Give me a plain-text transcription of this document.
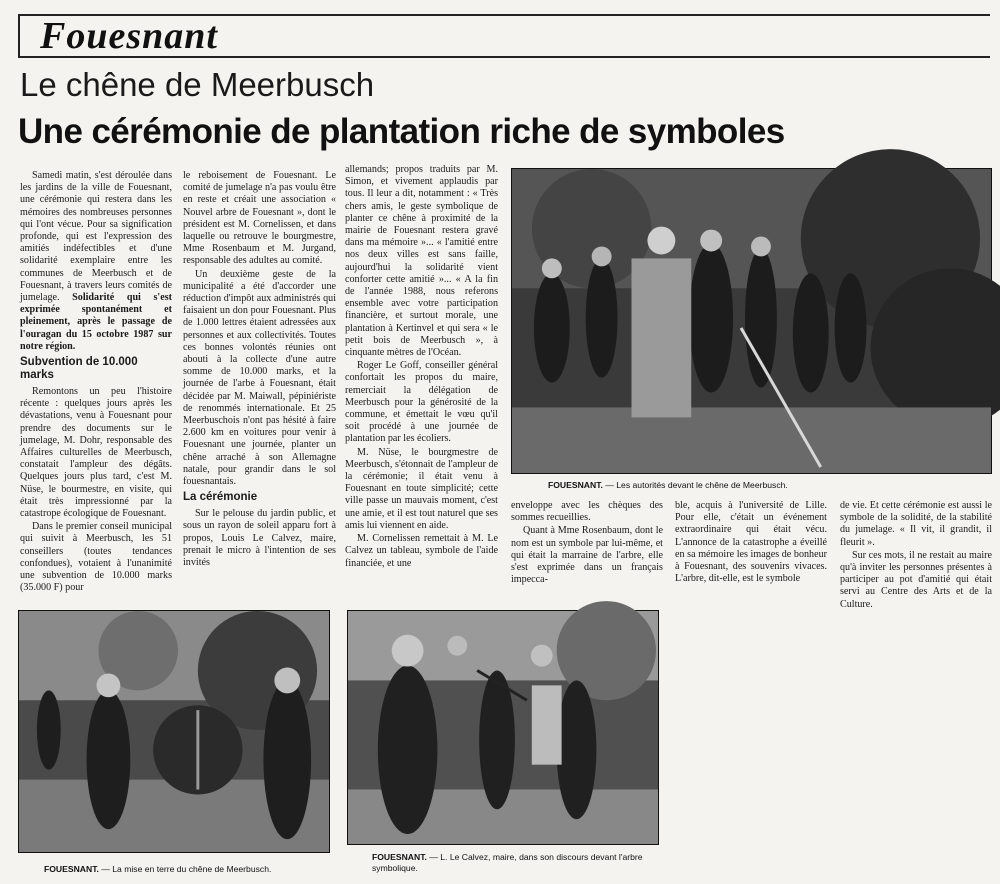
Fouesnant
Le chêne de Meerbusch
Une cérémonie de plantation riche de symboles

Samedi matin, s'est déroulée dans les jardins de la ville de Fouesnant, une cérémonie qui restera dans les mémoires des nombreuses personnes qui l'ont vécue. Pour sa signification profonde, qui est l'expression des amitiés indéfectibles et d'une solidarité exemplaire entre les communes de Meerbusch et de Fouesnant, à travers leurs comités de jumelage. Solidarité qui s'est exprimée spontanément et pleinement, après le passage de l'ouragan du 15 octobre 1987 sur notre région.

Subvention de 10.000 marks

Remontons un peu l'histoire récente : quelques jours après les dévastations, venu à Fouesnant pour prendre des documents sur le jumelage, M. Dohr, responsable des Affaires culturelles de Meerbusch, constatait l'ampleur des dégâts. Quelques jours plus tard, c'est M. Nüse, le bourmestre, en visite, qui était très impressionné par la catastrope écologique de Fouesnant.

Dans le premier conseil municipal qui suivit à Meerbusch, les 51 conseillers (toutes tendances confondues), votaient à l'unanimité une subvention de 10.000 marks (35.000 F) pour

le reboisement de Fouesnant. Le comité de jumelage n'a pas voulu être en reste et créait une association « Nouvel arbre de Fouesnant », dont le président est M. Cornelissen, et dans laquelle ou retrouve le bourgmestre, Mme Rosenbaum et M. Jurgand, responsable des adultes au comité.

Un deuxième geste de la municipalité a été d'accorder une réduction d'impôt aux administrés qui faisaient un don pour Fouesnant. Plus de 1.000 lettres étaient adressées aux personnes et aux collectivités. Toutes ces bonnes volontés réunies ont abouti à la collecte d'une autre somme de 10.000 marks, et la journée de l'arbe à Fouesnant, était décidée par M. Maiwall, pépiniériste de renommés internationale. Et 25 Meerbuschois n'ont pas hésité à faire 2.600 km en voitures pour venir à Fouesnant une journée, planter un chêne arraché à son Allemagne natale, pour grandir dans le sol fouesnantais.

La cérémonie

Sur le pelouse du jardin public, et sous un rayon de soleil apparu fort à propos, Louis Le Calvez, maire, prenait le micro à l'intention de ses invités

allemands; propos traduits par M. Simon, et vivement applaudis par tous. Il leur a dit, notamment : « Très chers amis, le geste symbolique de planter ce chêne à proximité de la mairie de Fouesnant restera gravé dans ma mémoire »... « l'amitié entre nos deux villes est sans faille, aujourd'hui la solidarité vient conforter cette amitié »... « A la fin de l'année 1988, nous referons ensemble avec votre participation financière, et surtout morale, une plantation à Kertinvel et qui sera « le petit bois de Meerbusch », à cinquante mètres de l'Océan.

Roger Le Goff, conseiller général confortait les propos du maire, remerciait la délégation de Meerbusch pour la générosité de la commune, et émettait le vœu qu'il soit procédé à une journée de plantation par les écoliers.

M. Nüse, le bourgmestre de Meerbusch, s'étonnait de l'ampleur de la cérémonie; il était venu à Fouesnant en toute simplicité; cette ville passe un mauvais moment, c'est une amie, et il est tout naturel que ses amis lui viennent en aide.

M. Cornelissen remettait à M. Le Calvez un tableau, symbole de l'aide financiée, et une

FOUESNANT. — Les autorités devant le chêne de Meerbusch.

enveloppe avec les chèques des sommes recueillies.

Quant à Mme Rosenbaum, dont le nom est un symbole par lui-même, et qui était la marraine de l'arbre, elle s'est exprimée dans un français impecca-

ble, acquis à l'université de Lille. Pour elle, c'était un événement extraordinaire qui était vécu. L'annonce de la catastrophe a éveillé en sa mémoire les images de bonheur à Fouesnant, des souvenirs vivaces. L'arbre, dit-elle, est le symbole

de vie. Et cette cérémonie est aussi le symbole de la solidité, de la stabilité du jumelage. « Il vit, il grandit, il fleurit ».

Sur ces mots, il ne restait au maire qu'à inviter les personnes présentes à participer au pot d'amitié qui était servi au Centre des Arts et de la Culture.

FOUESNANT. — La mise en terre du chêne de Meerbusch.
FOUESNANT. — L. Le Calvez, maire, dans son discours devant l'arbre symbolique.
